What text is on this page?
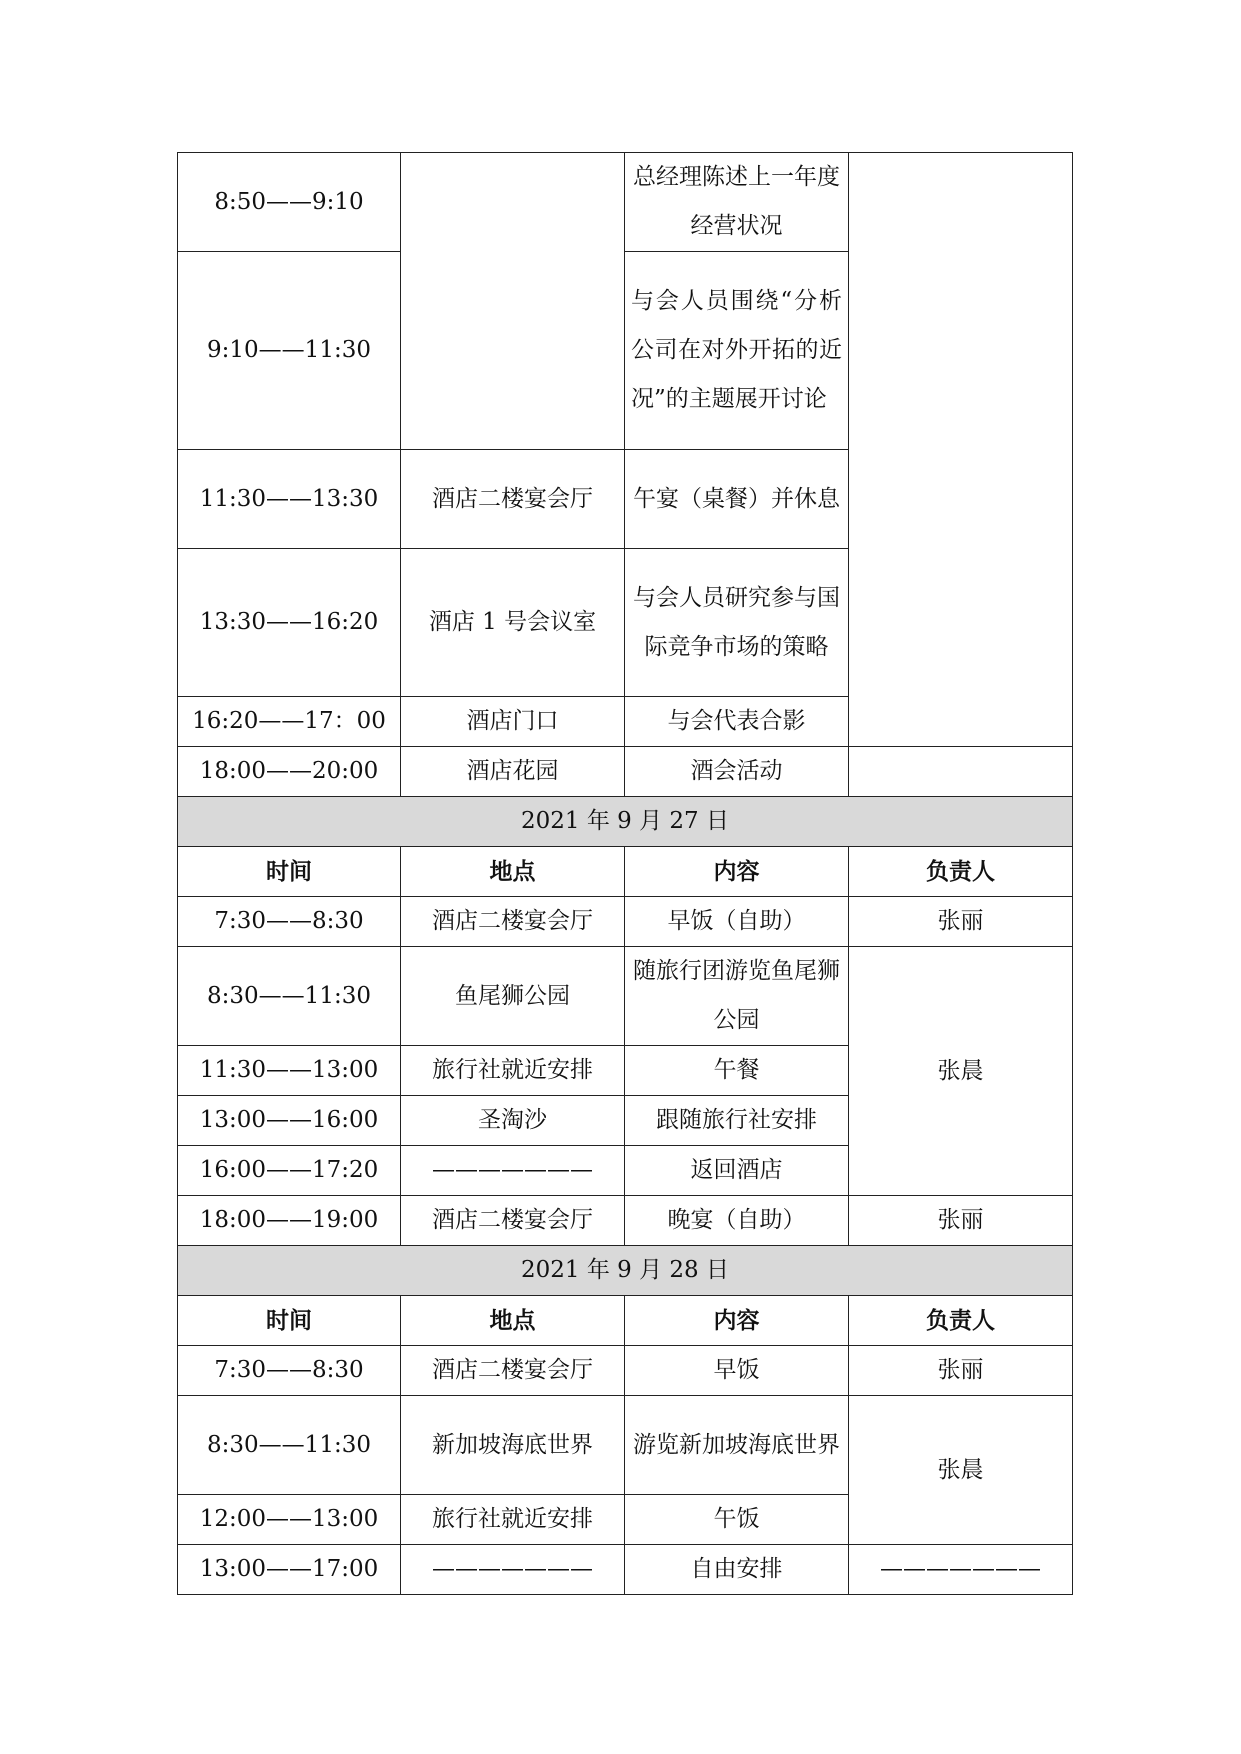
8:50——9:10		总经理陈述上一年度经营状况	
9:10——11:30		与会人员围绕“分析公司在对外开拓的近况”的主题展开讨论	
11:30——13:30	酒店二楼宴会厅	午宴（桌餐）并休息	
13:30——16:20	酒店 1 号会议室	与会人员研究参与国际竞争市场的策略	
16:20——17：00	酒店门口	与会代表合影	
18:00——20:00	酒店花园	酒会活动	
2021 年 9 月 27 日			
时间	地点	内容	负责人
7:30——8:30	酒店二楼宴会厅	早饭（自助）	张丽
8:30——11:30	鱼尾狮公园	随旅行团游览鱼尾狮公园	张晨
11:30——13:00	旅行社就近安排	午餐	
13:00——16:00	圣淘沙	跟随旅行社安排	
16:00——17:20	———————	返回酒店	
18:00——19:00	酒店二楼宴会厅	晚宴（自助）	张丽
2021 年 9 月 28 日			
时间	地点	内容	负责人
7:30——8:30	酒店二楼宴会厅	早饭	张丽
8:30——11:30	新加坡海底世界	游览新加坡海底世界	张晨
12:00——13:00	旅行社就近安排	午饭	
13:00——17:00	———————	自由安排	———————
